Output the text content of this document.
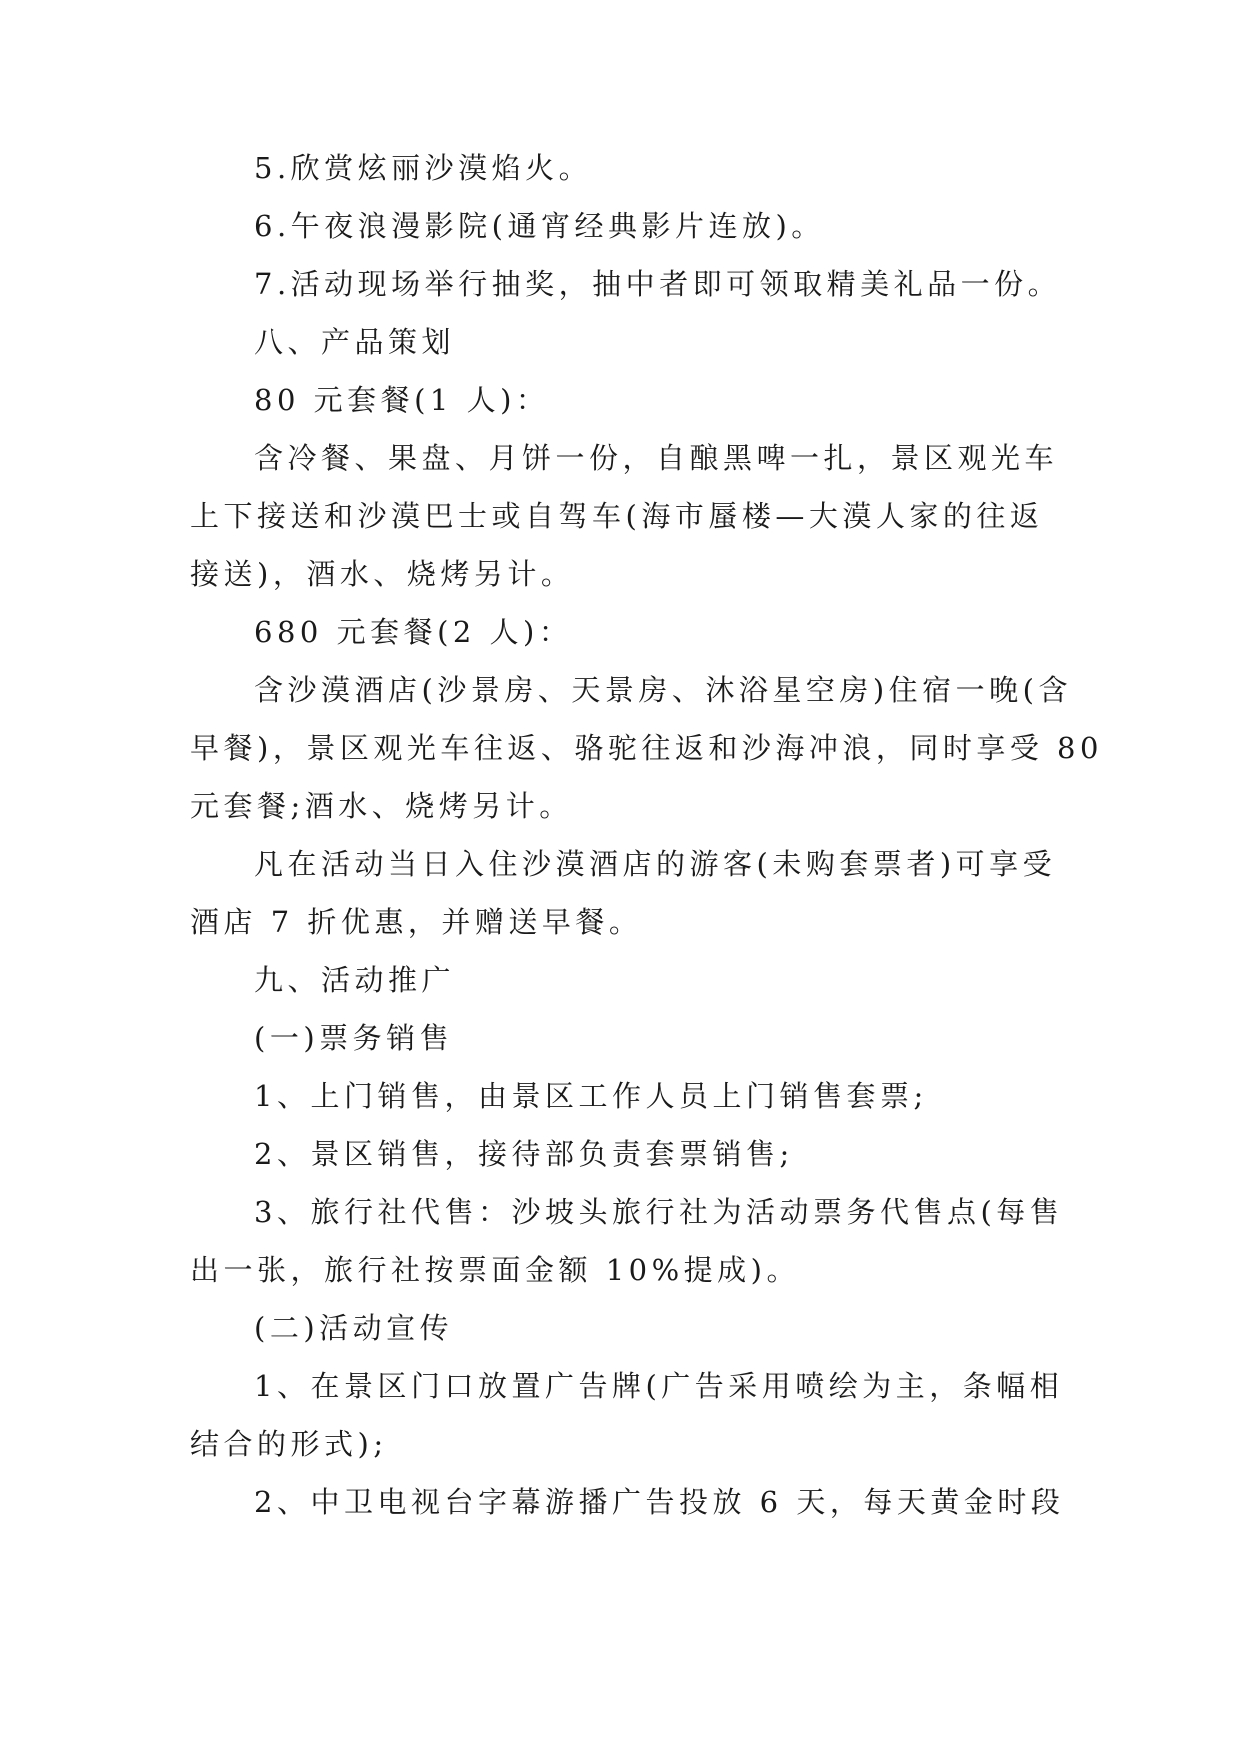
5.欣赏炫丽沙漠焰火。
6.午夜浪漫影院(通宵经典影片连放)。
7.活动现场举行抽奖，抽中者即可领取精美礼品一份。
八、产品策划
80 元套餐(1 人)：
含冷餐、果盘、月饼一份，自酿黑啤一扎，景区观光车
上下接送和沙漠巴士或自驾车(海市蜃楼—大漠人家的往返
接送)，酒水、烧烤另计。
680 元套餐(2 人)：
含沙漠酒店(沙景房、天景房、沐浴星空房)住宿一晚(含
早餐)，景区观光车往返、骆驼往返和沙海冲浪，同时享受 80
元套餐;酒水、烧烤另计。
凡在活动当日入住沙漠酒店的游客(未购套票者)可享受
酒店 7 折优惠，并赠送早餐。
九、活动推广
(一)票务销售
1、上门销售，由景区工作人员上门销售套票;
2、景区销售，接待部负责套票销售;
3、旅行社代售：沙坡头旅行社为活动票务代售点(每售
出一张，旅行社按票面金额 10%提成)。
(二)活动宣传
1、在景区门口放置广告牌(广告采用喷绘为主，条幅相
结合的形式);
2、中卫电视台字幕游播广告投放 6 天，每天黄金时段
